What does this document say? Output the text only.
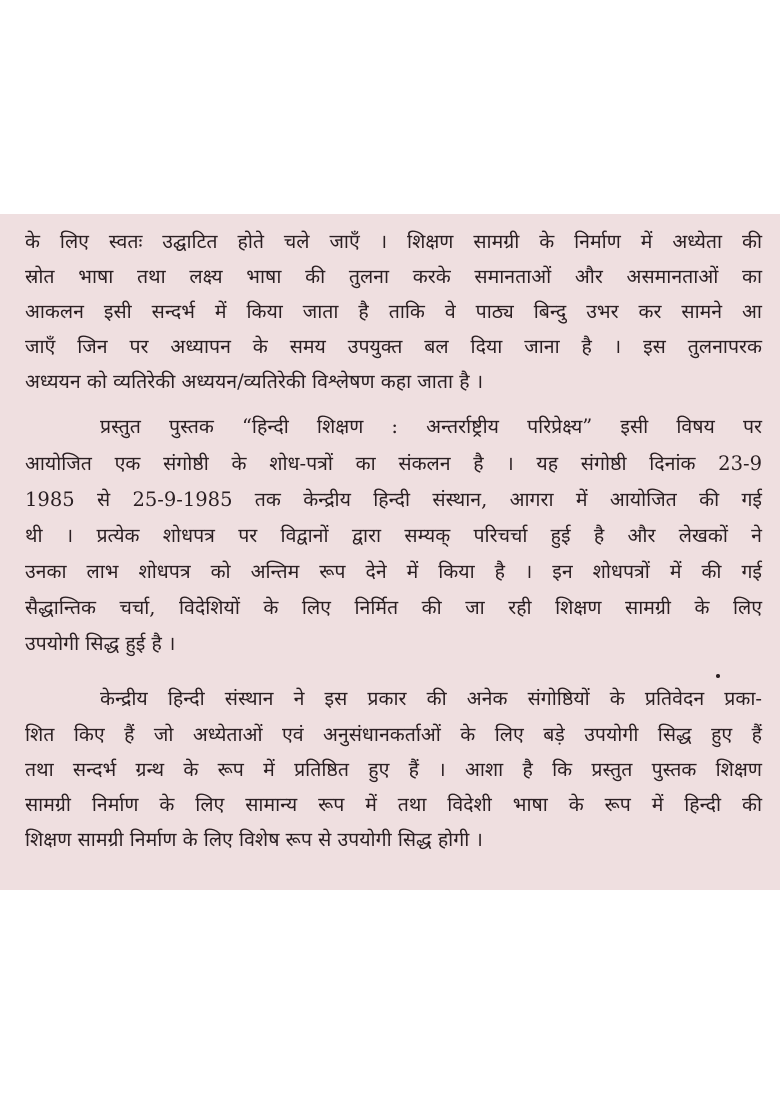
के लिए स्वतः उद्घाटित होते चले जाएँ । शिक्षण सामग्री के निर्माण में अध्येता की
स्रोत भाषा तथा लक्ष्य भाषा की तुलना करके समानताओं और असमानताओं का
आकलन इसी सन्दर्भ में किया जाता है ताकि वे पाठ्य बिन्दु उभर कर सामने आ
जाएँ जिन पर अध्यापन के समय उपयुक्त बल दिया जाना है । इस तुलनापरक
अध्ययन को व्यतिरेकी अध्ययन/व्यतिरेकी विश्लेषण कहा जाता है ।
प्रस्तुत पुस्तक “हिन्दी शिक्षण : अन्तर्राष्ट्रीय परिप्रेक्ष्य” इसी विषय पर
आयोजित एक संगोष्ठी के शोध-पत्रों का संकलन है । यह संगोष्ठी दिनांक 23-9
1985 से 25-9-1985 तक केन्द्रीय हिन्दी संस्थान, आगरा में आयोजित की गई
थी । प्रत्येक शोधपत्र पर विद्वानों द्वारा सम्यक् परिचर्चा हुई है और लेखकों ने
उनका लाभ शोधपत्र को अन्तिम रूप देने में किया है । इन शोधपत्रों में की गई
सैद्धान्तिक चर्चा, विदेशियों के लिए निर्मित की जा रही शिक्षण सामग्री के लिए
उपयोगी सिद्ध हुई है ।
केन्द्रीय हिन्दी संस्थान ने इस प्रकार की अनेक संगोष्ठियों के प्रतिवेदन प्रका-
शित किए हैं जो अध्येताओं एवं अनुसंधानकर्ताओं के लिए बड़े उपयोगी सिद्ध हुए हैं
तथा सन्दर्भ ग्रन्थ के रूप में प्रतिष्ठित हुए हैं । आशा है कि प्रस्तुत पुस्तक शिक्षण
सामग्री निर्माण के लिए सामान्य रूप में तथा विदेशी भाषा के रूप में हिन्दी की
शिक्षण सामग्री निर्माण के लिए विशेष रूप से उपयोगी सिद्ध होगी ।
